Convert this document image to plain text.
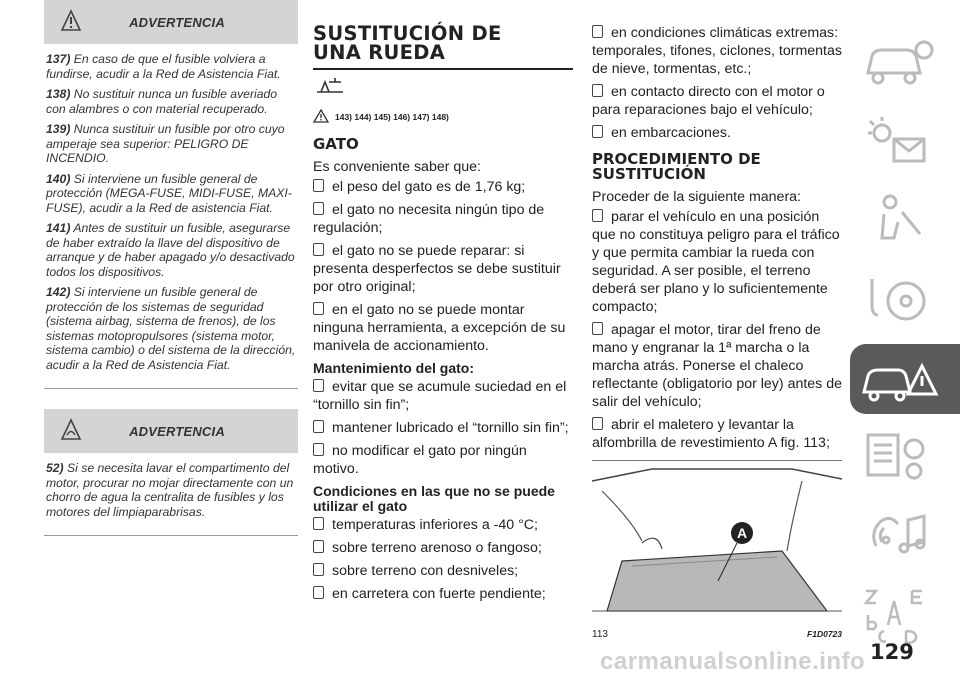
ADVERTENCIA

137) En caso de que el fusible volviera a fundirse, acudir a la Red de Asistencia Fiat.

138) No sustituir nunca un fusible averiado con alambres o con material recuperado.

139) Nunca sustituir un fusible por otro cuyo amperaje sea superior: PELIGRO DE INCENDIO.

140) Si interviene un fusible general de protección (MEGA-FUSE, MIDI-FUSE, MAXI-FUSE), acudir a la Red de asistencia Fiat.

141) Antes de sustituir un fusible, asegurarse de haber extraído la llave del dispositivo de arranque y de haber apagado y/o desactivado todos los dispositivos.

142) Si interviene un fusible general de protección de los sistemas de seguridad (sistema airbag, sistema de frenos), de los sistemas motopropulsores (sistema motor, sistema cambio) o del sistema de la dirección, acudir a la Red de Asistencia Fiat.

ADVERTENCIA

52) Si se necesita lavar el compartimento del motor, procurar no mojar directamente con un chorro de agua la centralita de fusibles y los motores del limpiaparabrisas.

SUSTITUCIÓN DE
UNA RUEDA
143) 144) 145) 146) 147) 148)
GATO

Es conveniente saber que:

el peso del gato es de 1,76 kg;

el gato no necesita ningún tipo de regulación;

el gato no se puede reparar: si presenta desperfectos se debe sustituir por otro original;

en el gato no se puede montar ninguna herramienta, a excepción de su manivela de accionamiento.

Mantenimiento del gato:

evitar que se acumule suciedad en el “tornillo sin fin”;

mantener lubricado el “tornillo sin fin”;

no modificar el gato por ningún motivo.

Condiciones en las que no se puede utilizar el gato

temperaturas inferiores a -40 °C;

sobre terreno arenoso o fangoso;

sobre terreno con desniveles;

en carretera con fuerte pendiente;

en condiciones climáticas extremas: temporales, tifones, ciclones, tormentas de nieve, tormentas, etc.;

en contacto directo con el motor o para reparaciones bajo el vehículo;

en embarcaciones.

PROCEDIMIENTO DE
SUSTITUCIÓN

Proceder de la siguiente manera:

parar el vehículo en una posición que no constituya peligro para el tráfico y que permita cambiar la rueda con seguridad. A ser posible, el terreno deberá ser plano y lo suficientemente compacto;

apagar el motor, tirar del freno de mano y engranar la 1ª marcha o la marcha atrás. Ponerse el chaleco reflectante (obligatorio por ley) antes de salir del vehículo;

abrir el maletero y levantar la alfombrilla de revestimiento A fig. 113;

A
113	F1D0723
129
carmanualsonline.info
